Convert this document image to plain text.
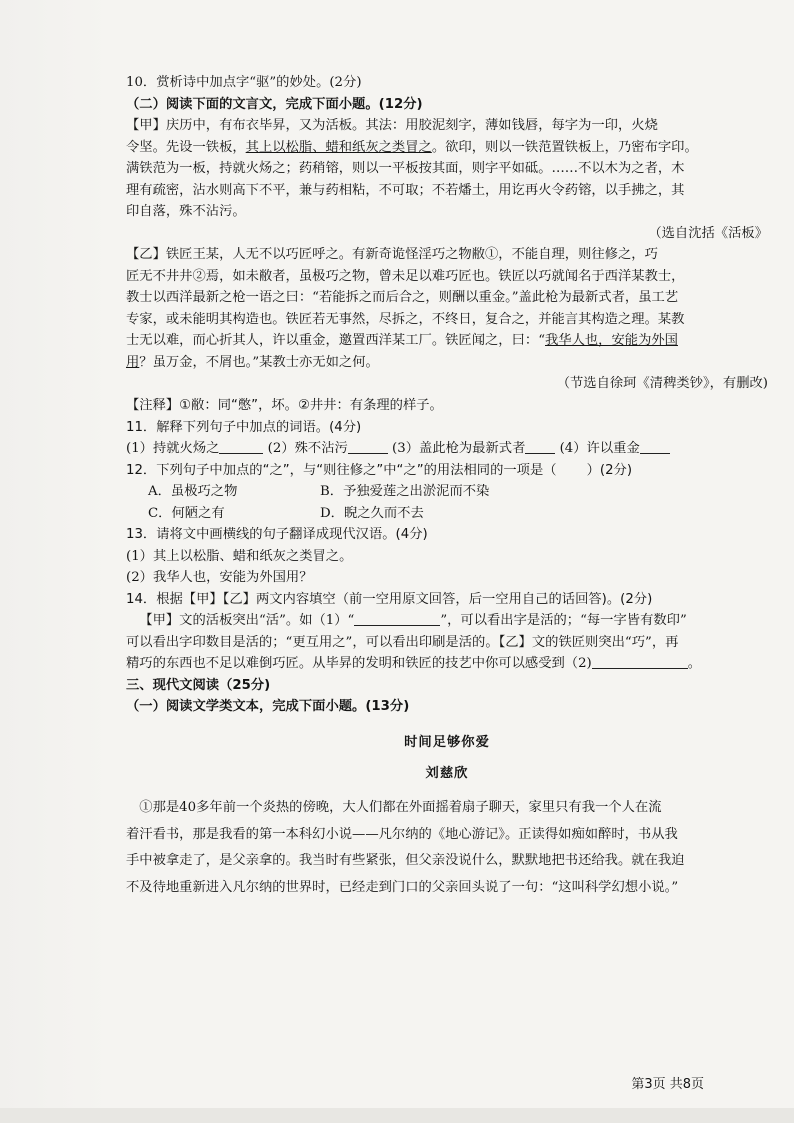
10．赏析诗中加点字“驱”的妙处。(2分)
（二）阅读下面的文言文，完成下面小题。(12分)
【甲】庆历中，有布衣毕昇，又为活板。其法：用胶泥刻字，薄如钱唇，每字为一印，火烧
令坚。先设一铁板，其上以松脂、蜡和纸灰之类冒之。欲印，则以一铁范置铁板上，乃密布字印。
满铁范为一板，持就火炀之；药稍镕，则以一平板按其面，则字平如砥。……不以木为之者，木
理有疏密，沾水则高下不平，兼与药相粘，不可取；不若燔土，用讫再火令药镕，以手拂之，其
印自落，殊不沾污。
（选自沈括《活板》
【乙】铁匠王某，人无不以巧匠呼之。有新奇诡怪淫巧之物敝①，不能自理，则往修之，巧
匠无不井井②焉，如未敝者，虽极巧之物，曾未足以难巧匠也。铁匠以巧就闻名于西洋某教士，
教士以西洋最新之枪一语之曰：“若能拆之而后合之，则酬以重金。”盖此枪为最新式者，虽工艺
专家，或未能明其构造也。铁匠若无事然，尽拆之，不终日，复合之，并能言其构造之理。某教
士无以难，而心折其人，许以重金，邀置西洋某工厂。铁匠闻之，曰：“我华人也，安能为外国
用？虽万金，不屑也。”某教士亦无如之何。
（节选自徐珂《清稗类钞》，有删改)
【注释】①敝：同“憋”，坏。②井井：有条理的样子。
11．解释下列句子中加点的词语。(4分)
(1）持就火炀之	(2）殊不沾污	(3）盖此枪为最新式者	(4）许以重金
12．下列句子中加点的“之”，与“则往修之”中“之”的用法相同的一项是（ ）(2分)
A．虽极巧之物	B．予独爱莲之出淤泥而不染
C．何陋之有	D．睨之久而不去
13．请将文中画横线的句子翻译成现代汉语。(4分)
(1）其上以松脂、蜡和纸灰之类冒之。
(2）我华人也，安能为外国用？
14．根据【甲】【乙】两文内容填空（前一空用原文回答，后一空用自己的话回答)。(2分)
【甲】文的活板突出“活”。如（1）“	”，可以看出字是活的；“每一字皆有数印”
可以看出字印数目是活的；“更互用之”，可以看出印刷是活的。【乙】文的铁匠则突出“巧”，再
精巧的东西也不足以难倒巧匠。从毕昇的发明和铁匠的技艺中你可以感受到（2)	。
三、现代文阅读（25分)
（一）阅读文学类文本，完成下面小题。(13分)
时间足够你爱
刘慈欣
①那是40多年前一个炎热的傍晚，大人们都在外面摇着扇子聊天，家里只有我一个人在流
着汗看书，那是我看的第一本科幻小说——凡尔纳的《地心游记》。正读得如痴如醉时，书从我
手中被拿走了，是父亲拿的。我当时有些紧张，但父亲没说什么，默默地把书还给我。就在我迫
不及待地重新进入凡尔纳的世界时，已经走到门口的父亲回头说了一句：“这叫科学幻想小说。”
第3页 共8页
